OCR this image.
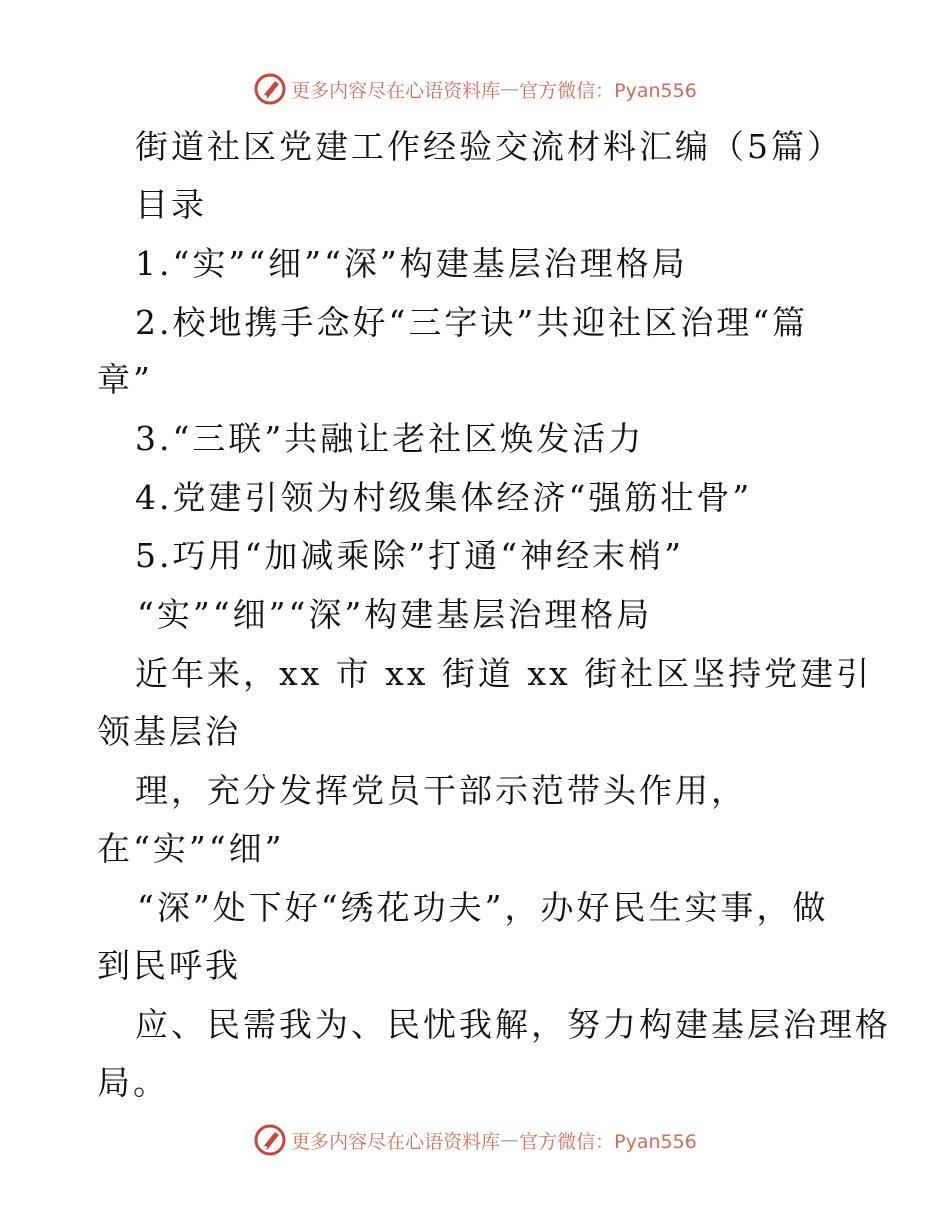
更多内容尽在心语资料库 — 官方微信：Pyan556
街道社区党建工作经验交流材料汇编（5篇）
目录
1.“实”“细”“深”构建基层治理格局
2.校地携手念好“三字诀”共迎社区治理“篇
章”
3.“三联”共融让老社区焕发活力
4.党建引领为村级集体经济“强筋壮骨”
5.巧用“加减乘除”打通“神经末梢”
“实”“细”“深”构建基层治理格局
近年来，xx 市 xx 街道 xx 街社区坚持党建引
领基层治
理，充分发挥党员干部示范带头作用，
在“实”“细”
“深”处下好“绣花功夫”，办好民生实事，做
到民呼我
应、民需我为、民忧我解，努力构建基层治理格
局。
更多内容尽在心语资料库 — 官方微信：Pyan556
